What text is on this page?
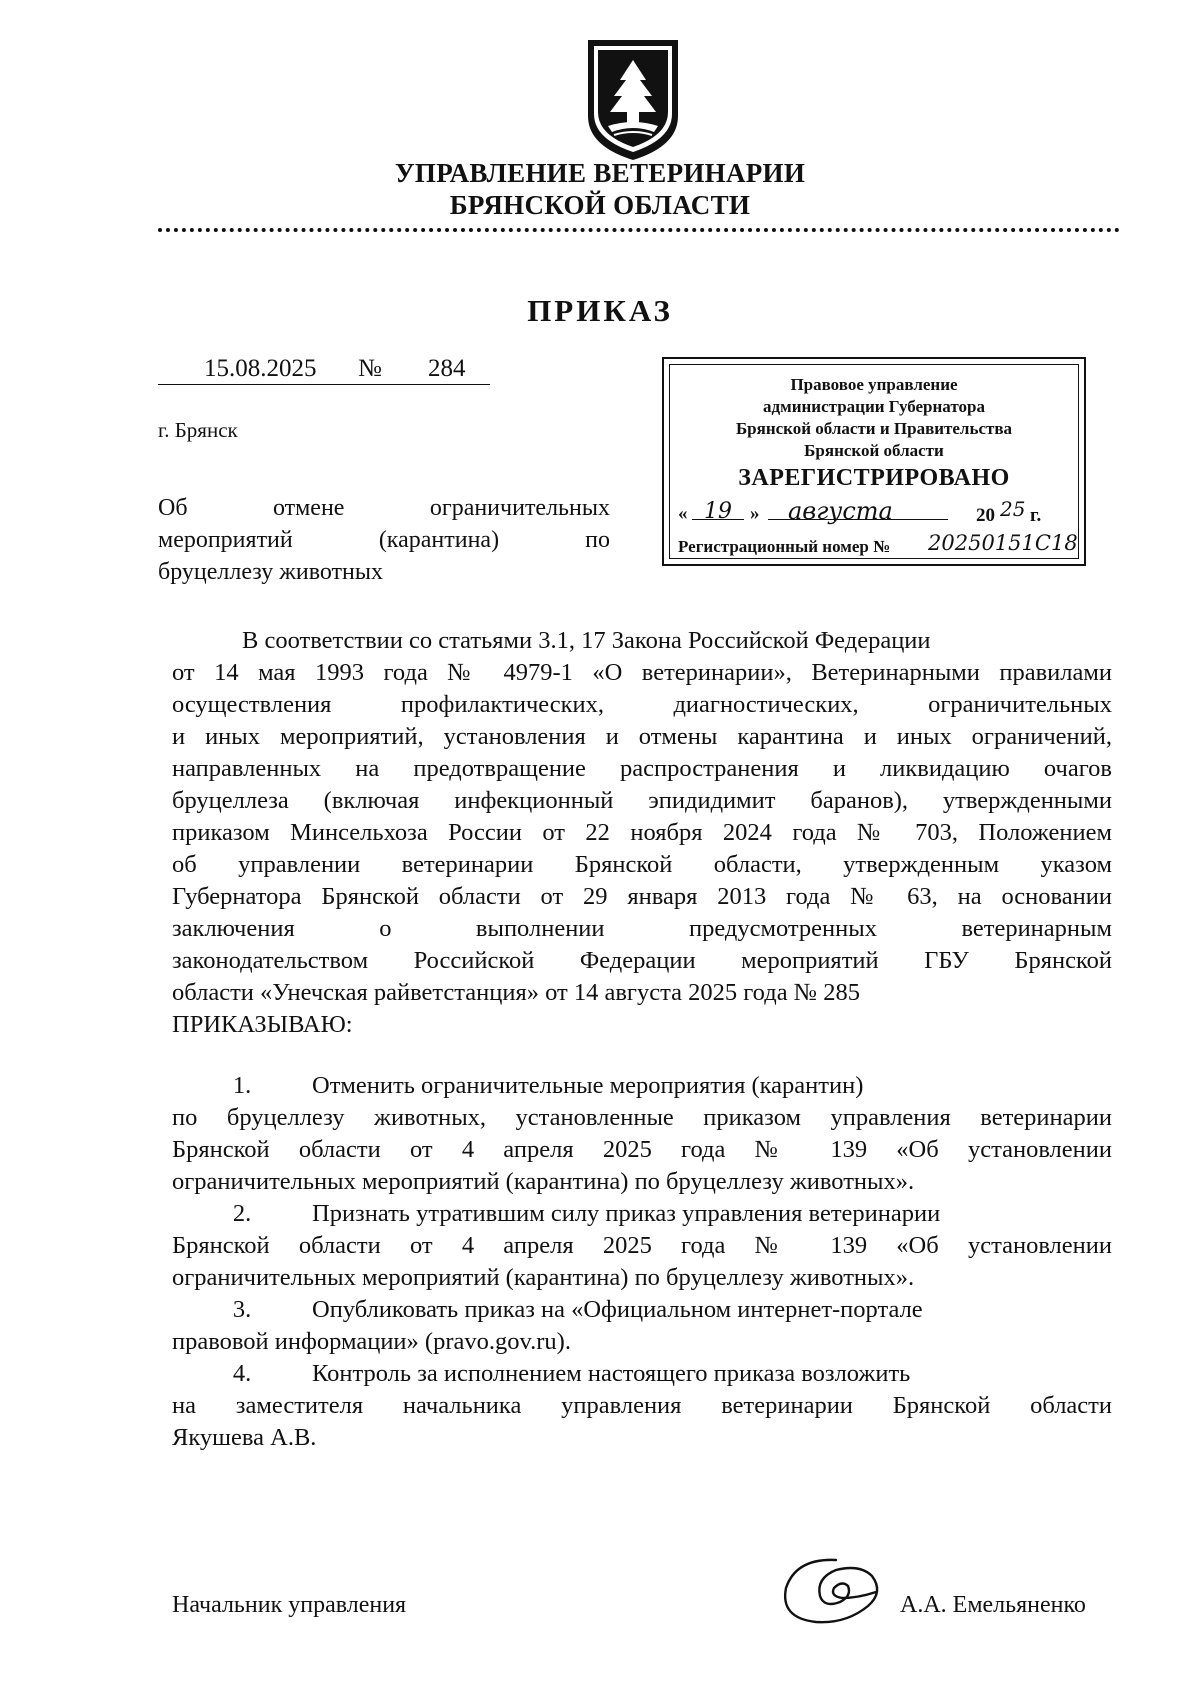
УПРАВЛЕНИЕ ВЕТЕРИНАРИИ
БРЯНСКОЙ ОБЛАСТИ
ПРИКАЗ
15.08.2025 № 284
г. Брянск
Об	отмене	ограничительных
мероприятий	(карантина)	по
бруцеллезу животных
Правовое управление
администрации Губернатора
Брянской области и Правительства
Брянской области
ЗАРЕГИСТРИРОВАНО
« 19 » августа	20 25 г.
Регистрационный номер № 20250151С18
В соответствии со статьями 3.1, 17 Закона Российской Федерации
от 14 мая 1993 года № 4979-1 «О ветеринарии», Ветеринарными правилами
осуществления профилактических, диагностических, ограничительных
и иных мероприятий, установления и отмены карантина и иных ограничений,
направленных на предотвращение распространения и ликвидацию очагов
бруцеллеза (включая инфекционный эпидидимит баранов), утвержденными
приказом Минсельхоза России от 22 ноября 2024 года № 703, Положением
об управлении ветеринарии Брянской области, утвержденным указом
Губернатора Брянской области от 29 января 2013 года № 63, на основании
заключения о выполнении предусмотренных ветеринарным
законодательством Российской Федерации мероприятий ГБУ Брянской
области «Унечская райветстанция» от 14 августа 2025 года № 285
ПРИКАЗЫВАЮ:
1.	Отменить ограничительные мероприятия (карантин)
по бруцеллезу животных, установленные приказом управления ветеринарии
Брянской области от 4 апреля 2025 года № 139 «Об установлении
ограничительных мероприятий (карантина) по бруцеллезу животных».
2.	Признать утратившим силу приказ управления ветеринарии
Брянской области от 4 апреля 2025 года № 139 «Об установлении
ограничительных мероприятий (карантина) по бруцеллезу животных».
3.	Опубликовать приказ на «Официальном интернет-портале
правовой информации» (pravo.gov.ru).
4.	Контроль за исполнением настоящего приказа возложить
на заместителя начальника управления ветеринарии Брянской области
Якушева А.В.
Начальник управления	А.А. Емельяненко
